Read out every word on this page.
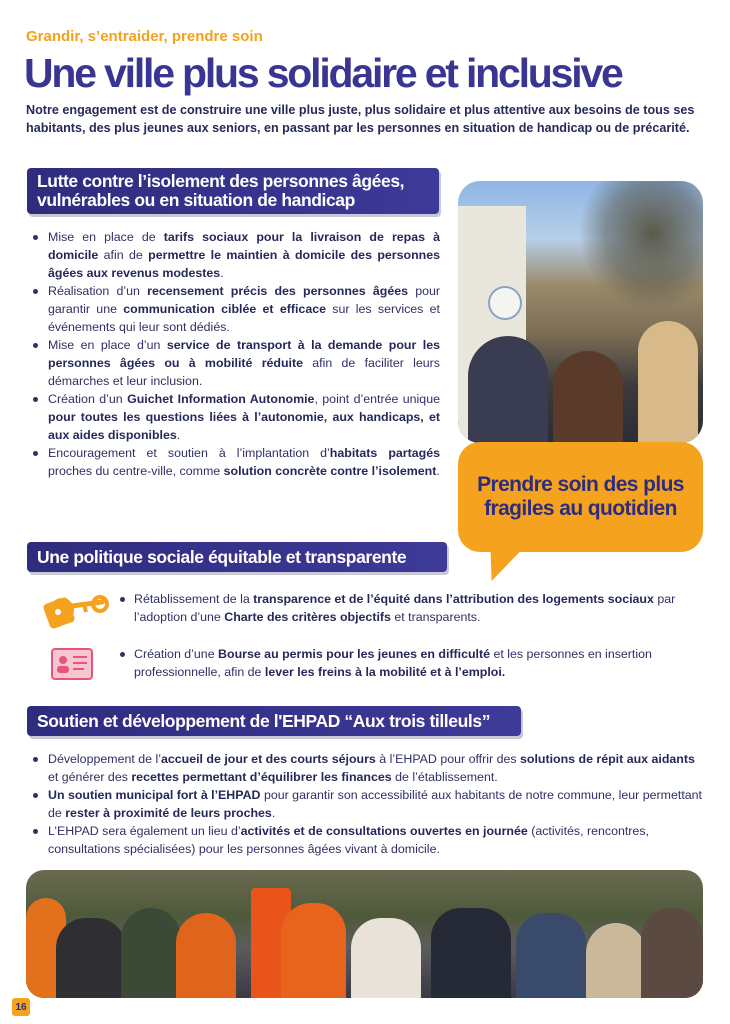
Grandir, s’entraider, prendre soin
Une ville plus solidaire et inclusive

Notre engagement est de construire une ville plus juste, plus solidaire et plus attentive aux besoins de tous ses habitants, des plus jeunes aux seniors, en passant par les personnes en situation de handicap ou de précarité.

Lutte contre l’isolement des personnes âgées,
vulnérables ou en situation de handicap
Mise en place de tarifs sociaux pour la livraison de repas à domicile afin de permettre le maintien à domicile des personnes âgées aux revenus modestes.
Réalisation d’un recensement précis des personnes âgées pour garantir une communication ciblée et efficace sur les services et événements qui leur sont dédiés.
Mise en place d’un service de transport à la demande pour les personnes âgées ou à mobilité réduite afin de faciliter leurs démarches et leur inclusion.
Création d’un Guichet Information Autonomie, point d’entrée unique pour toutes les questions liées à l’autonomie, aux handicaps, et aux aides disponibles.
Encouragement et soutien à l’implantation d’habitats partagés proches du centre-ville, comme solution concrète contre l’isolement.
Prendre soin des plus
fragiles au quotidien
Une politique sociale équitable et transparente
Rétablissement de la transparence et de l’équité dans l’attribution des logements sociaux par l’adoption d’une Charte des critères objectifs et transparents.
Création d’une Bourse au permis pour les jeunes en difficulté et les personnes en insertion professionnelle, afin de lever les freins à la mobilité et à l’emploi.
Soutien et développement de l'EHPAD “Aux trois tilleuls”
Développement de l’accueil de jour et des courts séjours à l’EHPAD pour offrir des solutions de répit aux aidants et générer des recettes permettant d’équilibrer les finances de l’établissement.
Un soutien municipal fort à l’EHPAD pour garantir son accessibilité aux habitants de notre commune, leur permettant de rester à proximité de leurs proches.
L’EHPAD sera également un lieu d’activités et de consultations ouvertes en journée (activités, rencontres, consultations spécialisées) pour les personnes âgées vivant à domicile.
16
